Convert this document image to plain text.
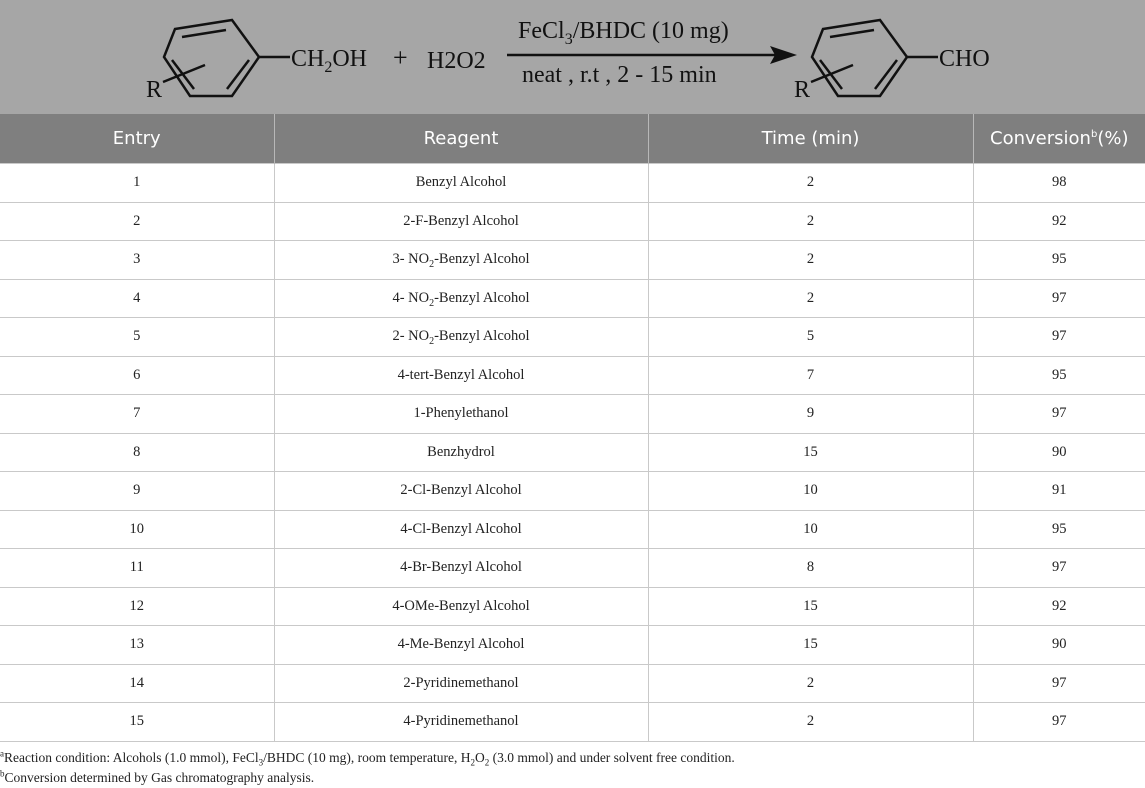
R
$CH_2OH + H2O2$
FeCl$_3$/BHDC (10 mg)
neat , r.t , 2 - 15 min
R
CHO
Entry	Reagent	Time (min)	Conversion$^b$(%)
1	Benzyl Alcohol	2	98
2	2-F-Benzyl Alcohol	2	92
3	3- $NO_2$-Benzyl Alcohol	2	95
4	4- $NO_2$-Benzyl Alcohol	2	97
5	2- $NO_2$-Benzyl Alcohol	5	97
6	4-tert-Benzyl Alcohol	7	95
7	1-Phenylethanol	9	97
8	Benzhydrol	15	90
9	2-Cl-Benzyl Alcohol	10	91
10	4-Cl-Benzyl Alcohol	10	95
11	4-Br-Benzyl Alcohol	8	97
12	4-OMe-Benzyl Alcohol	15	92
13	4-Me-Benzyl Alcohol	15	90
14	2-Pyridinemethanol	2	97
15	4-Pyridinemethanol	2	97
$^a$Reaction condition: Alcohols (1.0 mmol), FeCl$_3$/BHDC (10 mg), room temperature, $H_2O_2$ (3.0 mmol) and under solvent free condition.
$^b$Conversion determined by Gas chromatography analysis.
